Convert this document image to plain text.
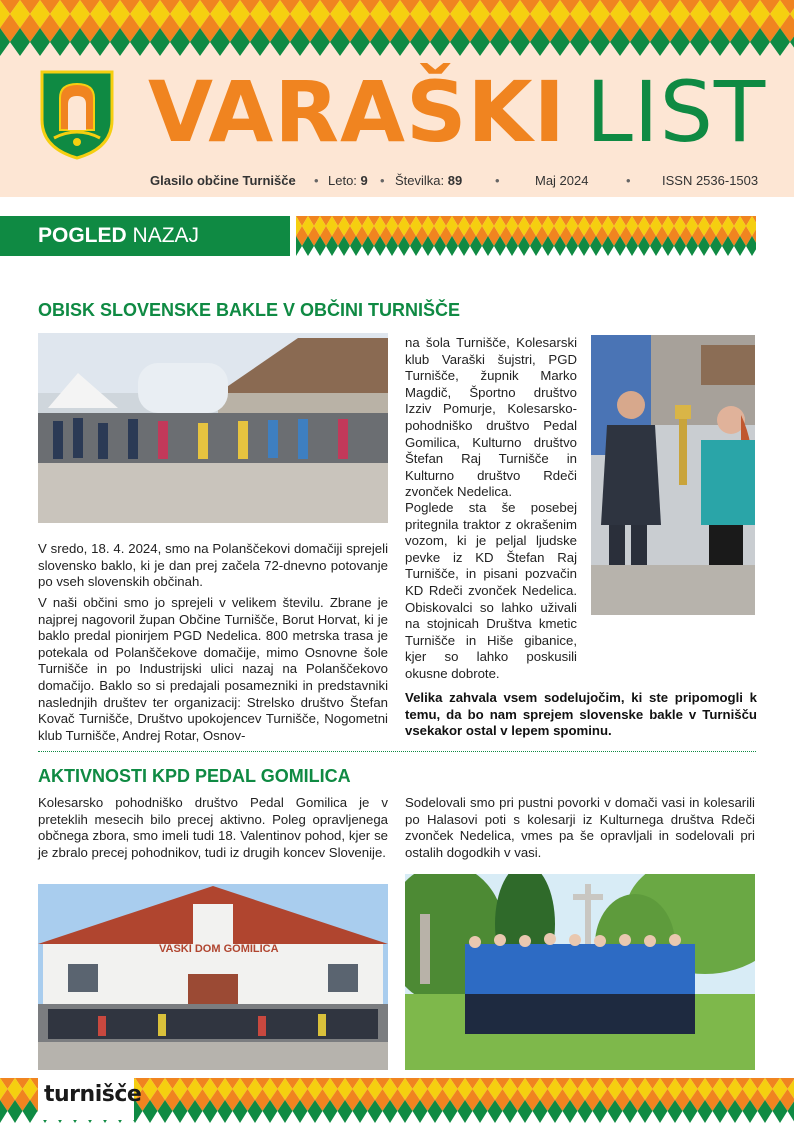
VARAŠKI LIST
Glasilo občine Turnišče • Leto: 9 • Številka: 89	•	Maj 2024	• ISSN 2536-1503
POGLED NAZAJ
OBISK SLOVENSKE BAKLE V OBČINI TURNIŠČE

V sredo, 18. 4. 2024, smo na Polanščekovi domačiji sprejeli slovensko baklo, ki je dan prej začela 72-dnevno potovanje po vseh slovenskih občinah.

V naši občini smo jo sprejeli v velikem številu. Zbrane je najprej nagovoril župan Občine Turnišče, Borut Horvat, ki je baklo predal pionirjem PGD Nedelica. 800 metrska trasa je potekala od Polanščekove domačije, mimo Osnovne šole Turnišče in po Industrijski ulici nazaj na Polanščekovo domačijo. Baklo so si predajali posamezniki in predstavniki naslednjih društev ter organizacij: Strelsko društvo Štefan Kovač Turnišče, Društvo upokojencev Turnišče, Nogometni klub Turnišče, Andrej Rotar, Osnov-

na šola Turnišče, Kolesarski klub Varaški šujstri, PGD Turnišče, župnik Marko Magdič, Športno društvo Izziv Pomurje, Kolesarsko-pohodniško društvo Pedal Gomilica, Kulturno društvo Štefan Raj Turnišče in Kulturno društvo Rdeči zvonček Nedelica.

Poglede sta še posebej pritegnila traktor z okrašenim vozom, ki je peljal ljudske pevke iz KD Štefan Raj Turnišče, in pisani pozvačin KD Rdeči zvonček Nedelica. Obiskovalci so lahko uživali na stojnicah Društva kmetic Turnišče in Hiše gibanice, kjer so lahko poskusili okusne dobrote.

Velika zahvala vsem sodelujočim, ki ste pripomogli k temu, da bo nam sprejem slovenske bakle v Turnišču vsekakor ostal v lepem spominu.

AKTIVNOSTI KPD PEDAL GOMILICA

Kolesarsko pohodniško društvo Pedal Gomilica je v preteklih mesecih bilo precej aktivno. Poleg opravljenega občnega zbora, smo imeli tudi 18. Valentinov pohod, kjer se je zbralo precej pohodnikov, tudi iz drugih koncev Slovenije.

Sodelovali smo pri pustni povorki v domači vasi in kolesarili po Halasovi poti s kolesarji iz Kulturnega društva Rdeči zvonček Nedelica, vmes pa še opravljali in sodelovali pri ostalih dogodkih v vasi.

VAŠKI DOM GOMILICA
turnišče
